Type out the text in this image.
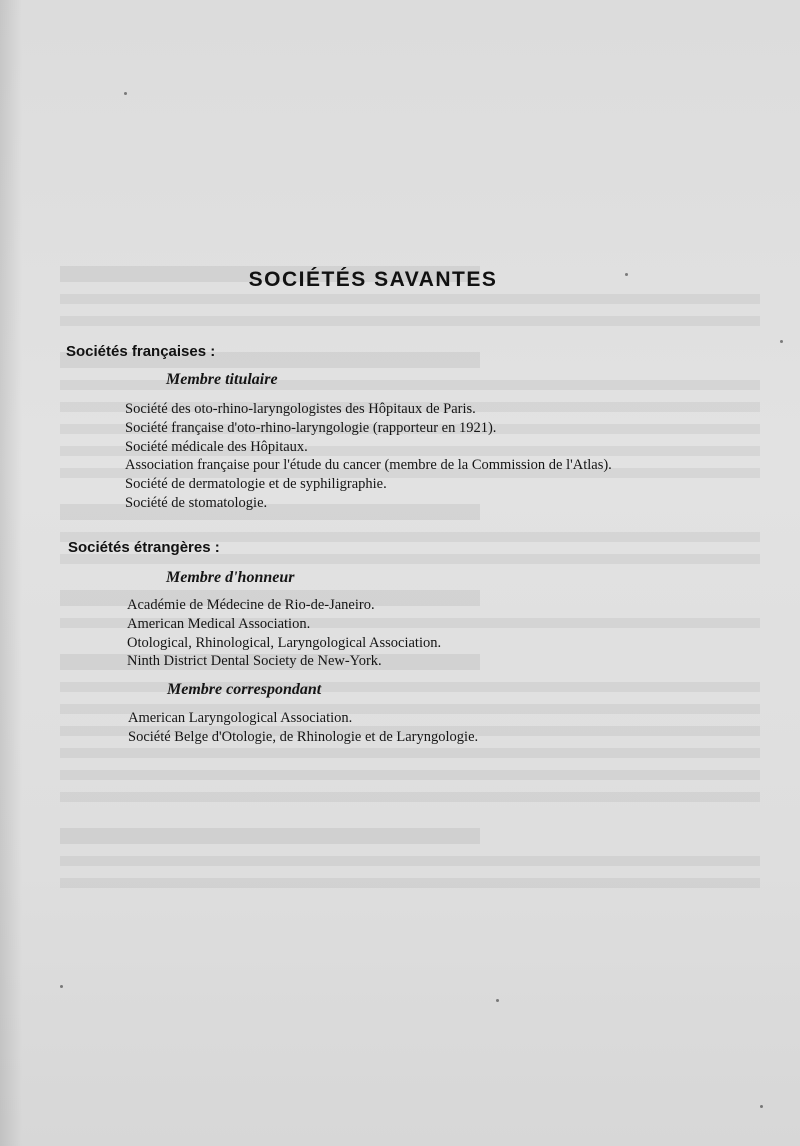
SOCIÉTÉS SAVANTES
Sociétés françaises :
Membre titulaire
Société des oto-rhino-laryngologistes des Hôpitaux de Paris.
Société française d'oto-rhino-laryngologie (rapporteur en 1921).
Société médicale des Hôpitaux.
Association française pour l'étude du cancer (membre de la Commission de l'Atlas).
Société de dermatologie et de syphiligraphie.
Société de stomatologie.
Sociétés étrangères :
Membre d'honneur
Académie de Médecine de Rio-de-Janeiro.
American Medical Association.
Otological, Rhinological, Laryngological Association.
Ninth District Dental Society de New-York.
Membre correspondant
American Laryngological Association.
Société Belge d'Otologie, de Rhinologie et de Laryngologie.
